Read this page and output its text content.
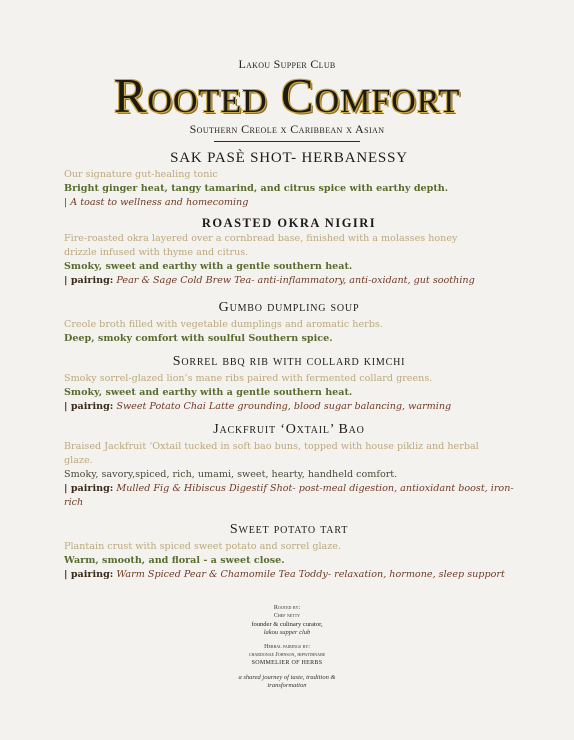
Lakou Supper Club
Rooted Comfort
Southern Creole x Caribbean x Asian

SAK PASÈ SHOT- HERBANESSY

Our signature gut-healing tonic

Bright ginger heat, tangy tamarind, and citrus spice with earthy depth.

| A toast to wellness and homecoming

ROASTED OKRA NIGIRI

Fire-roasted okra layered over a cornbread base, finished with a molasses honey

drizzle infused with thyme and citrus.

Smoky, sweet and earthy with a gentle southern heat.

| pairing: Pear & Sage Cold Brew Tea- anti-inflammatory, anti-oxidant, gut soothing

Gumbo dumpling soup

Creole broth filled with vegetable dumplings and aromatic herbs.

Deep, smoky comfort with soulful Southern spice.

Sorrel bbq rib with collard kimchi

Smoky sorrel-glazed lion’s mane ribs paired with fermented collard greens.

Smoky, sweet and earthy with a gentle southern heat.

| pairing: Sweet Potato Chai Latte grounding, blood sugar balancing, warming

Jackfruit ‘Oxtail’ Bao

Braised Jackfruit ‘Oxtail tucked in soft bao buns, topped with house pikliz and herbal

glaze.

Smoky, savory,spiced, rich, umami, sweet, hearty, handheld comfort.

| pairing: Mulled Fig & Hibiscus Digestif Shot- post-meal digestion, antioxidant boost, iron-

rich

Sweet potato tart

Plantain crust with spiced sweet potato and sorrel glaze.

Warm, smooth, and floral - a sweet close.

| pairing: Warm Spiced Pear & Chamomile Tea Toddy- relaxation, hormone, sleep support

Rooted by:
Chef netty
founder & culinary curator,
lakou supper club
Herbal pairings by:
chardonae Johnson, hipwithnabe
SOMMELIER OF HERBS
a shared journey of taste, tradition &
transformation
